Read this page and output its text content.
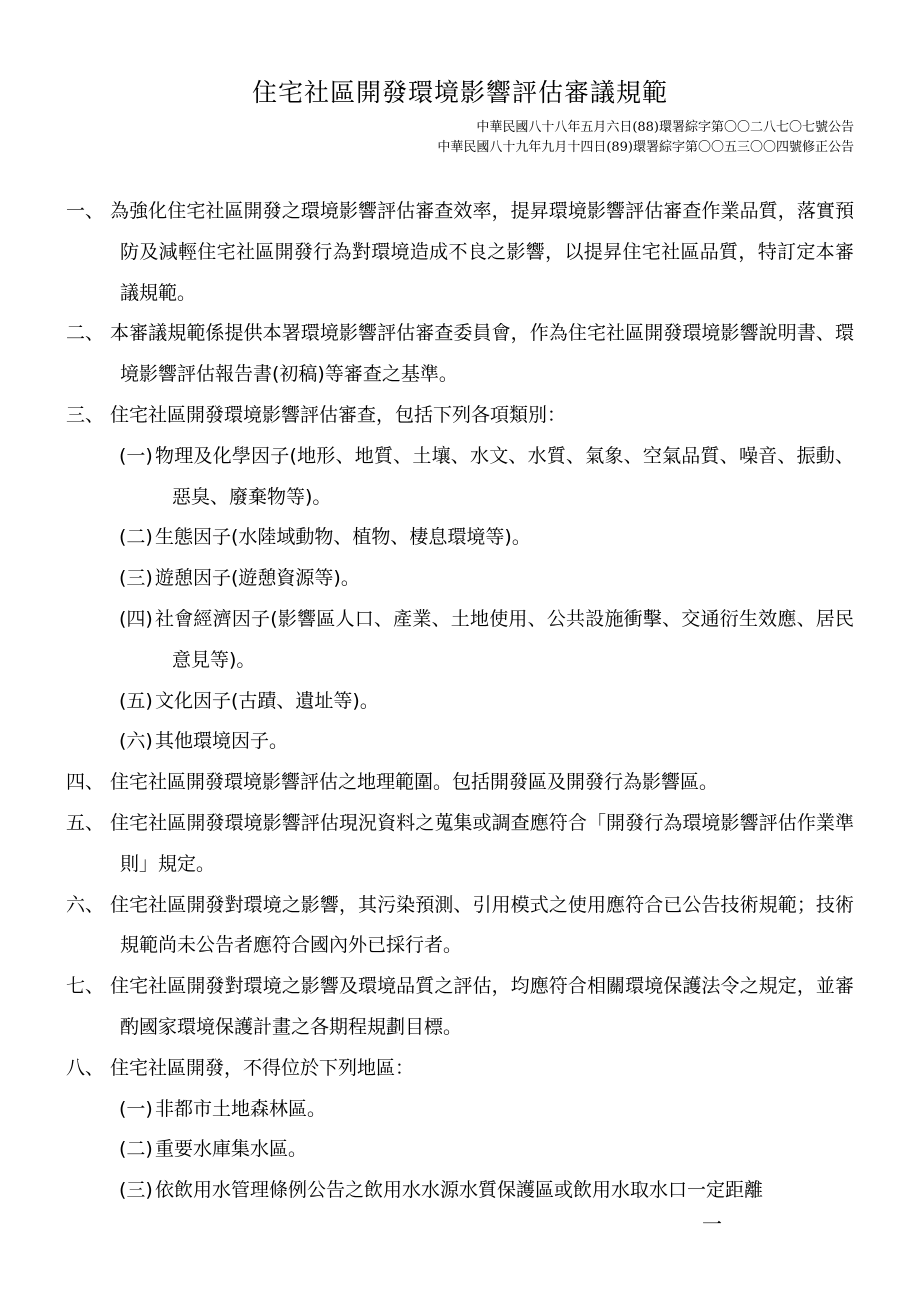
住宅社區開發環境影響評估審議規範
中華民國八十八年五月六日(88)環署綜字第〇〇二八七〇七號公告
中華民國八十九年九月十四日(89)環署綜字第〇〇五三〇〇四號修正公告
一、 為強化住宅社區開發之環境影響評估審查效率，提昇環境影響評估審查作業品質，落實預防及減輕住宅社區開發行為對環境造成不良之影響，以提昇住宅社區品質，特訂定本審議規範。
二、 本審議規範係提供本署環境影響評估審查委員會，作為住宅社區開發環境影響說明書、環境影響評估報告書(初稿)等審查之基準。
三、 住宅社區開發環境影響評估審查，包括下列各項類別：
(一) 物理及化學因子(地形、地質、土壤、水文、水質、氣象、空氣品質、噪音、振動、惡臭、廢棄物等)。
(二) 生態因子(水陸域動物、植物、棲息環境等)。
(三) 遊憩因子(遊憩資源等)。
(四) 社會經濟因子(影響區人口、產業、土地使用、公共設施衝擊、交通衍生效應、居民意見等)。
(五) 文化因子(古蹟、遺址等)。
(六) 其他環境因子。
四、 住宅社區開發環境影響評估之地理範圍。包括開發區及開發行為影響區。
五、 住宅社區開發環境影響評估現況資料之蒐集或調查應符合「開發行為環境影響評估作業準則」規定。
六、 住宅社區開發對環境之影響，其污染預測、引用模式之使用應符合已公告技術規範；技術規範尚未公告者應符合國內外已採行者。
七、 住宅社區開發對環境之影響及環境品質之評估，均應符合相關環境保護法令之規定，並審酌國家環境保護計畫之各期程規劃目標。
八、 住宅社區開發，不得位於下列地區：
(一) 非都市土地森林區。
(二) 重要水庫集水區。
(三) 依飲用水管理條例公告之飲用水水源水質保護區或飲用水取水口一定距離
一
